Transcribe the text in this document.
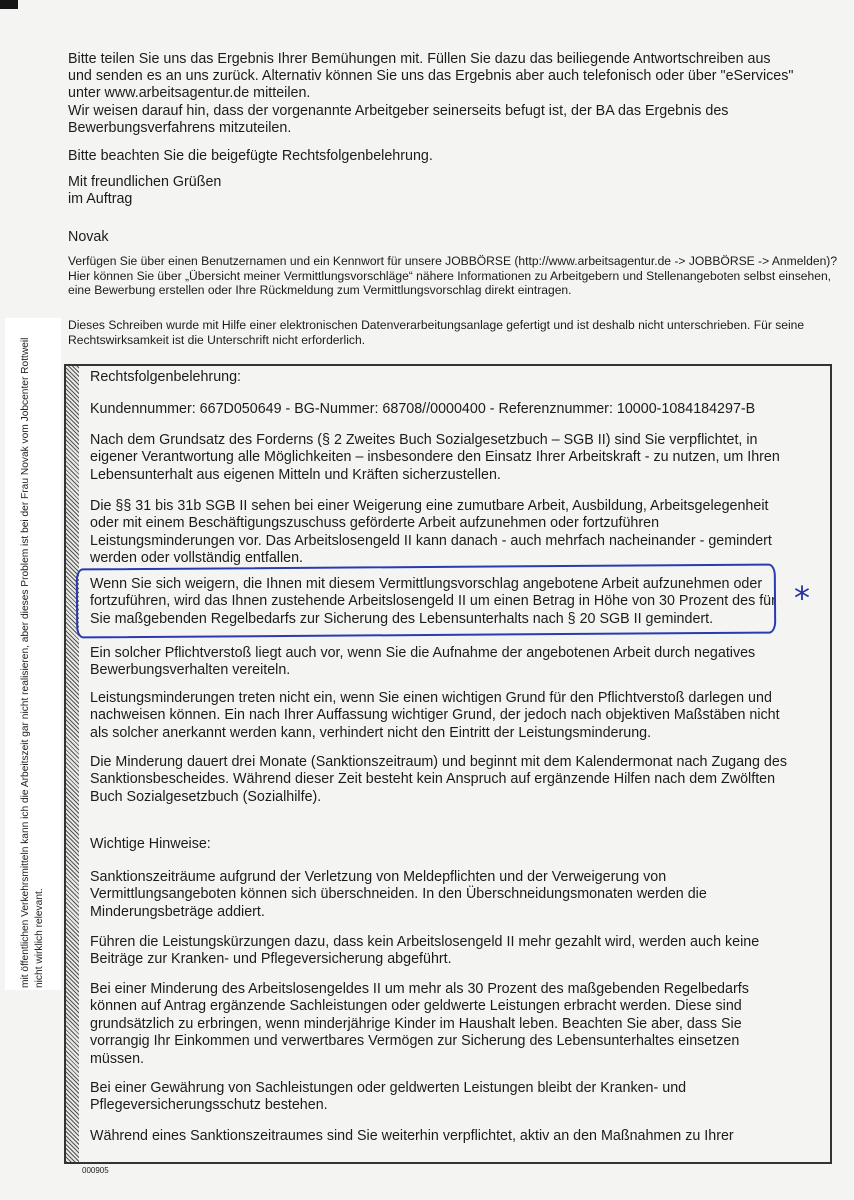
Bitte teilen Sie uns das Ergebnis Ihrer Bemühungen mit. Füllen Sie dazu das beiliegende Antwortschreiben aus und senden es an uns zurück. Alternativ können Sie uns das Ergebnis aber auch telefonisch oder über "eServices" unter www.arbeitsagentur.de mitteilen.

Wir weisen darauf hin, dass der vorgenannte Arbeitgeber seinerseits befugt ist, der BA das Ergebnis des Bewerbungsverfahrens mitzuteilen.

Bitte beachten Sie die beigefügte Rechtsfolgenbelehrung.

Mit freundlichen Grüßen

im Auftrag

Novak

Verfügen Sie über einen Benutzernamen und ein Kennwort für unsere JOBBÖRSE (http://www.arbeitsagentur.de -> JOBBÖRSE -> Anmelden)? Hier können Sie über „Übersicht meiner Vermittlungsvorschläge“ nähere Informationen zu Arbeitgebern und Stellenangeboten selbst einsehen, eine Bewerbung erstellen oder Ihre Rückmeldung zum Vermittlungsvorschlag direkt eintragen.

Dieses Schreiben wurde mit Hilfe einer elektronischen Datenverarbeitungsanlage gefertigt und ist deshalb nicht unterschrieben. Für seine Rechtswirksamkeit ist die Unterschrift nicht erforderlich.

Rechtsfolgenbelehrung:

Kundennummer: 667D050649 - BG-Nummer: 68708//0000400 - Referenznummer: 10000-1084184297-B

Nach dem Grundsatz des Forderns (§ 2 Zweites Buch Sozialgesetzbuch – SGB II) sind Sie verpflichtet, in eigener Verantwortung alle Möglichkeiten – insbesondere den Einsatz Ihrer Arbeitskraft - zu nutzen, um Ihren Lebensunterhalt aus eigenen Mitteln und Kräften sicherzustellen.

Die §§ 31 bis 31b SGB II sehen bei einer Weigerung eine zumutbare Arbeit, Ausbildung, Arbeitsgelegenheit oder mit einem Beschäftigungszuschuss geförderte Arbeit aufzunehmen oder fortzuführen Leistungsminderungen vor. Das Arbeitslosengeld II kann danach - auch mehrfach nacheinander - gemindert werden oder vollständig entfallen.

Wenn Sie sich weigern, die Ihnen mit diesem Vermittlungsvorschlag angebotene Arbeit aufzunehmen oder fortzuführen, wird das Ihnen zustehende Arbeitslosengeld II um einen Betrag in Höhe von 30 Prozent des für Sie maßgebenden Regelbedarfs zur Sicherung des Lebensunterhalts nach § 20 SGB II gemindert.

Ein solcher Pflichtverstoß liegt auch vor, wenn Sie die Aufnahme der angebotenen Arbeit durch negatives Bewerbungsverhalten vereiteln.

Leistungsminderungen treten nicht ein, wenn Sie einen wichtigen Grund für den Pflichtverstoß darlegen und nachweisen können. Ein nach Ihrer Auffassung wichtiger Grund, der jedoch nach objektiven Maßstäben nicht als solcher anerkannt werden kann, verhindert nicht den Eintritt der Leistungsminderung.

Die Minderung dauert drei Monate (Sanktionszeitraum) und beginnt mit dem Kalendermonat nach Zugang des Sanktionsbescheides. Während dieser Zeit besteht kein Anspruch auf ergänzende Hilfen nach dem Zwölften Buch Sozialgesetzbuch (Sozialhilfe).

Wichtige Hinweise:

Sanktionszeiträume aufgrund der Verletzung von Meldepflichten und der Verweigerung von Vermittlungsangeboten können sich überschneiden. In den Überschneidungsmonaten werden die Minderungsbeträge addiert.

Führen die Leistungskürzungen dazu, dass kein Arbeitslosengeld II mehr gezahlt wird, werden auch keine Beiträge zur Kranken- und Pflegeversicherung abgeführt.

Bei einer Minderung des Arbeitslosengeldes II um mehr als 30 Prozent des maßgebenden Regelbedarfs können auf Antrag ergänzende Sachleistungen oder geldwerte Leistungen erbracht werden. Diese sind grundsätzlich zu erbringen, wenn minderjährige Kinder im Haushalt leben. Beachten Sie aber, dass Sie vorrangig Ihr Einkommen und verwertbares Vermögen zur Sicherung des Lebensunterhaltes einsetzen müssen.

Bei einer Gewährung von Sachleistungen oder geldwerten Leistungen bleibt der Kranken- und Pflegeversicherungsschutz bestehen.

Während eines Sanktionszeitraumes sind Sie weiterhin verpflichtet, aktiv an den Maßnahmen zu Ihrer

*
mit öffentlichen Verkehrsmitteln kann ich die Arbeitszeit gar nicht realisieren, aber dieses Problem ist bei der Frau Novak vom Jobcenter Rottweil nicht wirklich relevant.
000905
